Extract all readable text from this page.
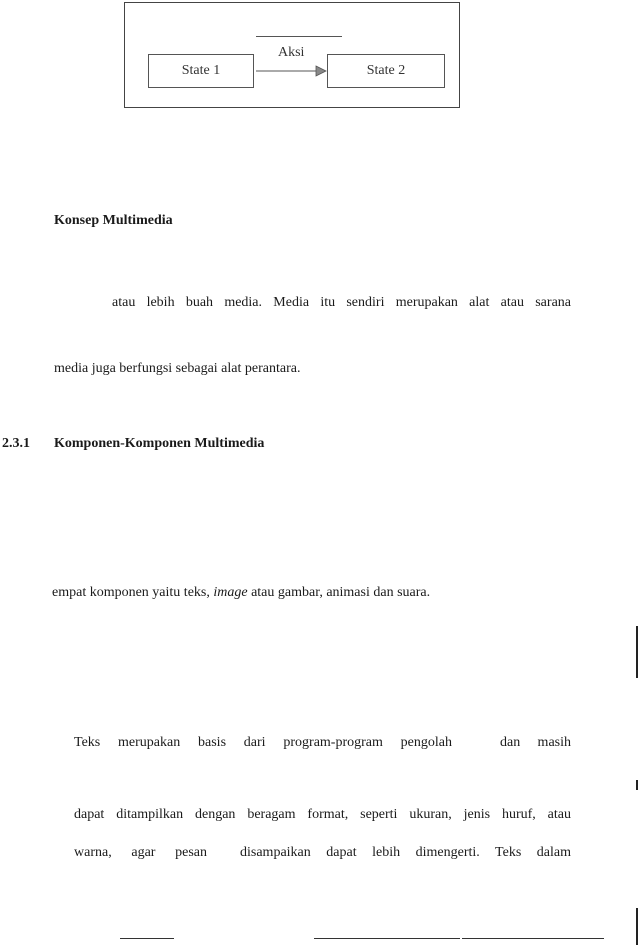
Aksi
State 1	State 2
Konsep Multimedia
atau lebih buah media. Media itu sendiri merupakan alat atau sarana
media juga berfungsi sebagai alat perantara.
2.3.1 Komponen-Komponen Multimedia
empat komponen yaitu teks, image atau gambar, animasi dan suara.
Teks merupakan basis dari program-program pengolah	dan masih
dapat ditampilkan dengan beragam format, seperti ukuran, jenis huruf, atau
warna, agar pesan disampaikan dapat lebih dimengerti. Teks dalam
